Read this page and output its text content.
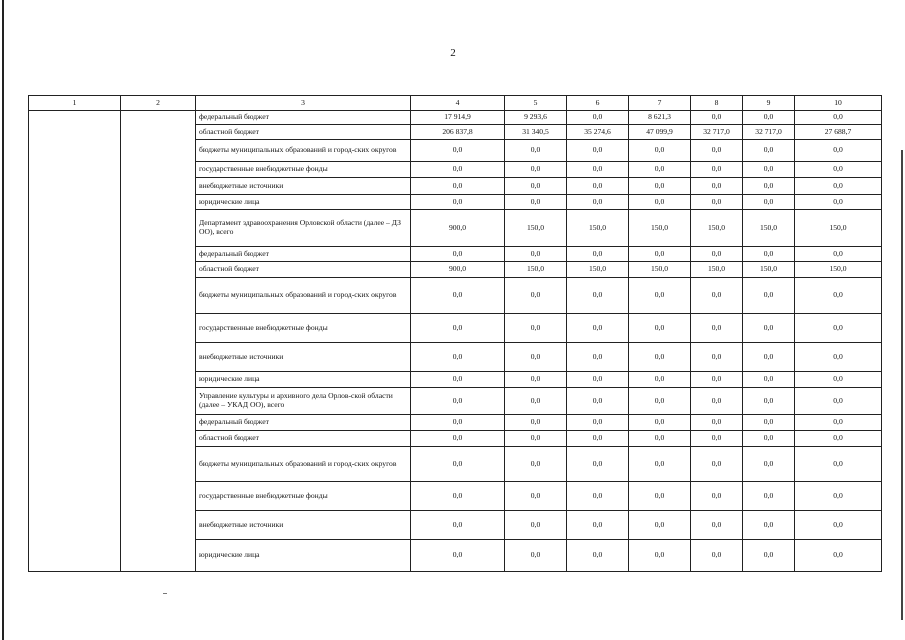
2
1	2	3	4	5	6	7	8	9	10
		федеральный бюджет	17 914,9	9 293,6	0,0	8 621,3	0,0	0,0	0,0
		областной бюджет	206 837,8	31 340,5	35 274,6	47 099,9	32 717,0	32 717,0	27 688,7
		бюджеты муниципальных образований и город-ских округов	0,0	0,0	0,0	0,0	0,0	0,0	0,0
		государственные внебюджетные фонды	0,0	0,0	0,0	0,0	0,0	0,0	0,0
		внебюджетные источники	0,0	0,0	0,0	0,0	0,0	0,0	0,0
		юридические лица	0,0	0,0	0,0	0,0	0,0	0,0	0,0
		Департамент здравоохранения Орловской области (далее – ДЗ ОО), всего	900,0	150,0	150,0	150,0	150,0	150,0	150,0
		федеральный бюджет	0,0	0,0	0,0	0,0	0,0	0,0	0,0
		областной бюджет	900,0	150,0	150,0	150,0	150,0	150,0	150,0
		бюджеты муниципальных образований и город-ских округов	0,0	0,0	0,0	0,0	0,0	0,0	0,0
		государственные внебюджетные фонды	0,0	0,0	0,0	0,0	0,0	0,0	0,0
		внебюджетные источники	0,0	0,0	0,0	0,0	0,0	0,0	0,0
		юридические лица	0,0	0,0	0,0	0,0	0,0	0,0	0,0
		Управление культуры и архивного дела Орлов-ской области (далее – УКАД ОО), всего	0,0	0,0	0,0	0,0	0,0	0,0	0,0
		федеральный бюджет	0,0	0,0	0,0	0,0	0,0	0,0	0,0
		областной бюджет	0,0	0,0	0,0	0,0	0,0	0,0	0,0
		бюджеты муниципальных образований и город-ских округов	0,0	0,0	0,0	0,0	0,0	0,0	0,0
		государственные внебюджетные фонды	0,0	0,0	0,0	0,0	0,0	0,0	0,0
		внебюджетные источники	0,0	0,0	0,0	0,0	0,0	0,0	0,0
		юридические лица	0,0	0,0	0,0	0,0	0,0	0,0	0,0
